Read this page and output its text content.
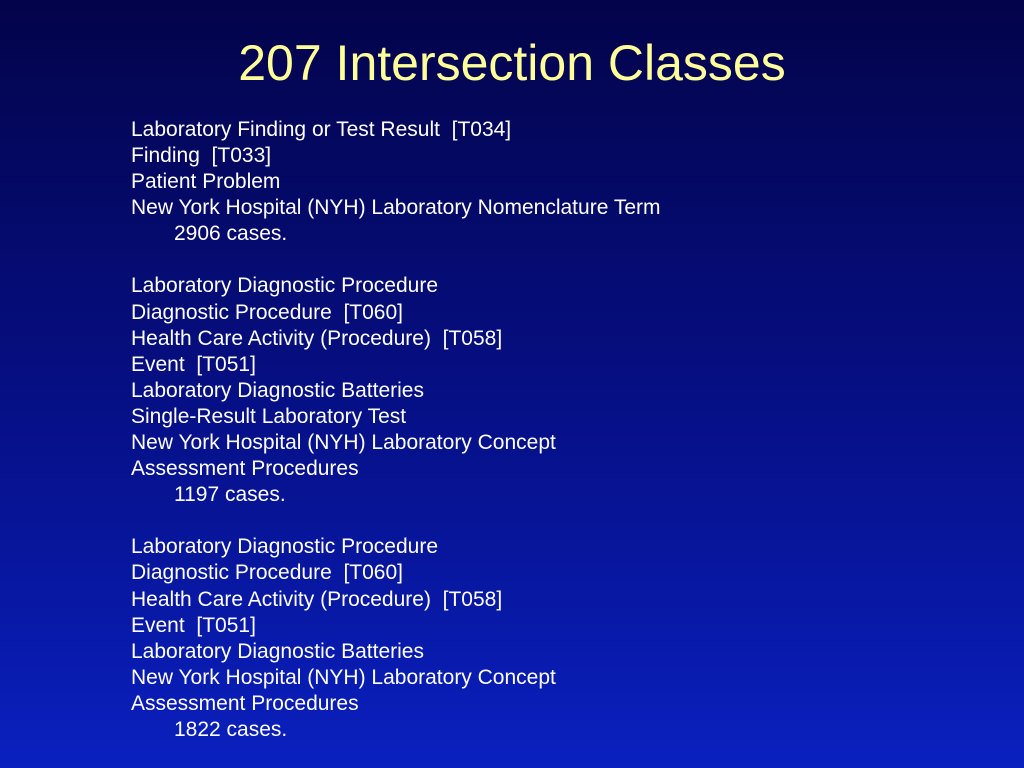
207 Intersection Classes
Laboratory Finding or Test Result  [T034]
Finding  [T033]
Patient Problem
New York Hospital (NYH) Laboratory Nomenclature Term
2906 cases.
Laboratory Diagnostic Procedure
Diagnostic Procedure  [T060]
Health Care Activity (Procedure)  [T058]
Event  [T051]
Laboratory Diagnostic Batteries
Single-Result Laboratory Test
New York Hospital (NYH) Laboratory Concept
Assessment Procedures
1197 cases.
Laboratory Diagnostic Procedure
Diagnostic Procedure  [T060]
Health Care Activity (Procedure)  [T058]
Event  [T051]
Laboratory Diagnostic Batteries
New York Hospital (NYH) Laboratory Concept
Assessment Procedures
1822 cases.
